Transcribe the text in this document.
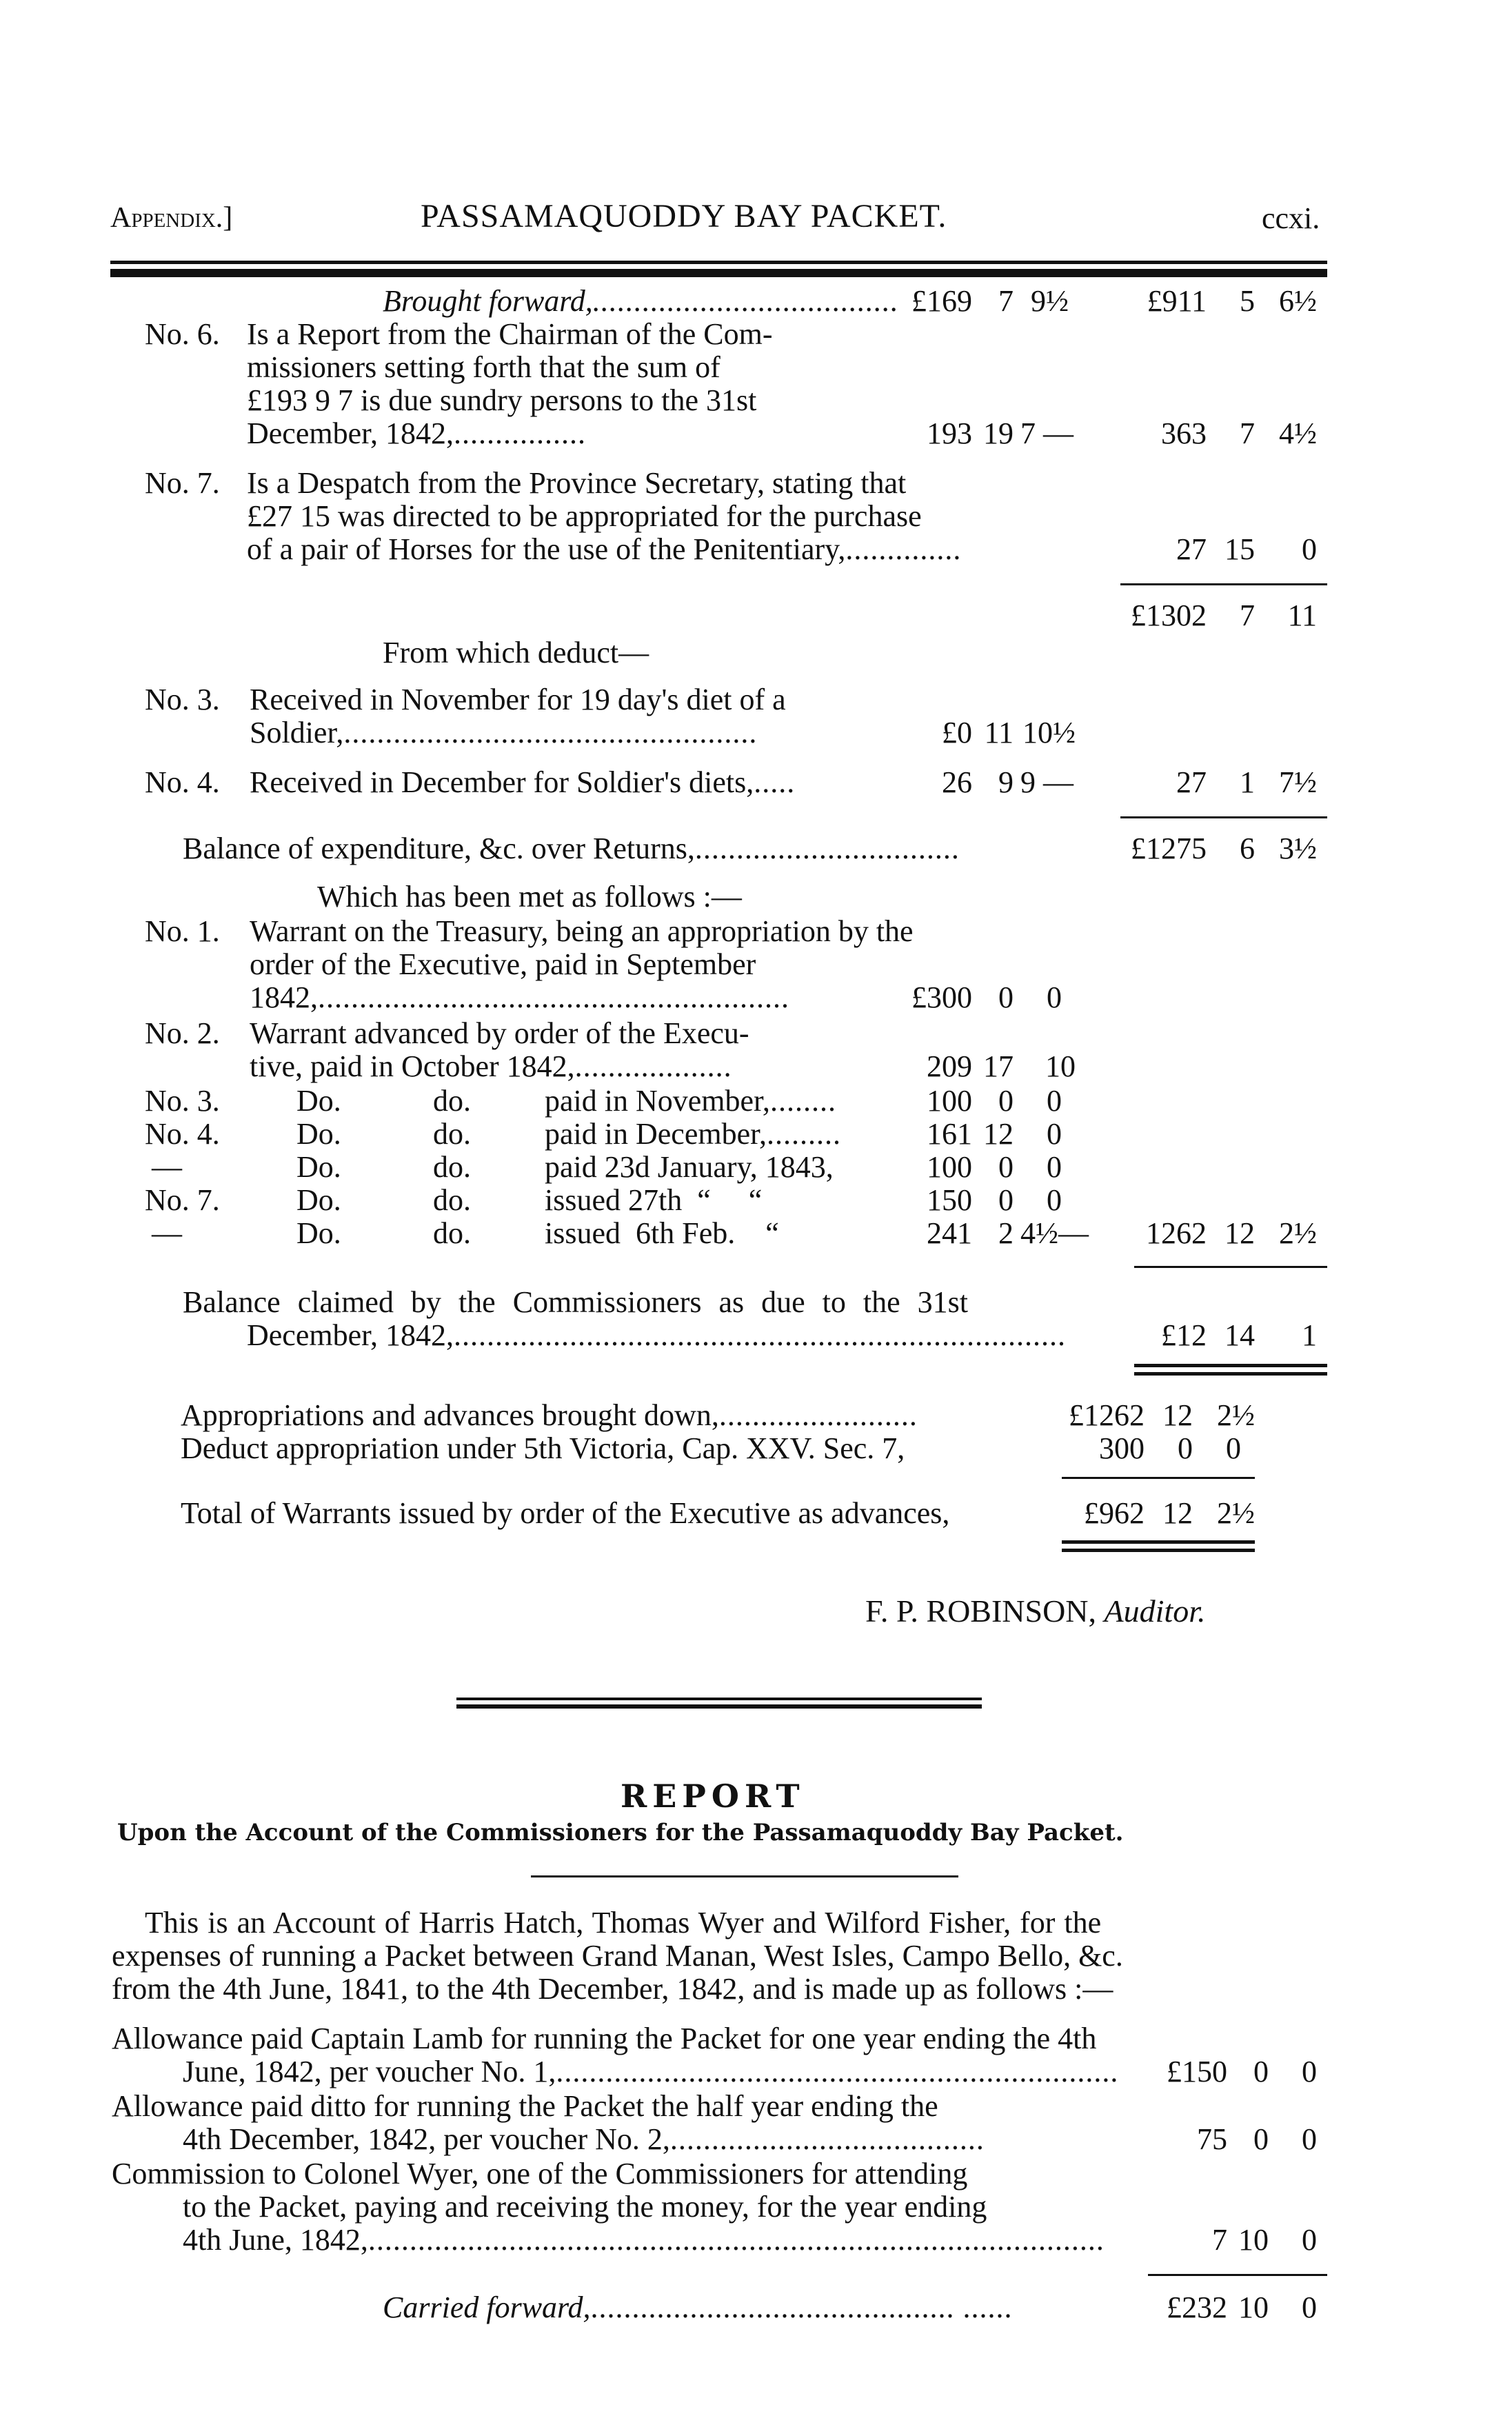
Appendix.]	PASSAMAQUODDY BAY PACKET.	ccxi.
Brought forward,..................................... £169 7 9½	£911	5 6½
No. 6. Is a Report from the Chairman of the Com-
missioners setting forth that the sum of
£193 9 7 is due sundry persons to the 31st
December, 1842,................	193 19 7 —	363	7 4½
No. 7. Is a Despatch from the Province Secretary, stating that
£27 15 was directed to be appropriated for the purchase
of a pair of Horses for the use of the Penitentiary,..............	27 15	0
£1302	7	11
From which deduct—
No. 3. Received in November for 19 day's diet of a
Soldier,..................................................	£0 11 10½
No. 4. Received in December for Soldier's diets,.....	26 9 9 —	27	1 7½
Balance of expenditure, &c. over Returns,................................	£1275	6 3½
Which has been met as follows :—
No. 1. Warrant on the Treasury, being an appropriation by the
order of the Executive, paid in September
1842,.........................................................	£300 0	0
No. 2. Warrant advanced by order of the Execu-
tive, paid in October 1842,...................	209 17	10
No. 3.	Do.	do. paid in November,........	100 0	0
No. 4.	Do.	do. paid in December,.........	161 12	0
—	Do.	do. paid 23d January, 1843,	100 0	0
No. 7.	Do.	do. issued 27th  “     “	150 0	0
—	Do.	do. issued  6th Feb.    “	241 2 4½—	1262 12 2½
Balance claimed by the Commissioners as due to the 31st
December, 1842,..........................................................................	£12 14	1
Appropriations and advances brought down,........................	£1262 12 2½
Deduct appropriation under 5th Victoria, Cap. XXV. Sec. 7,	300	0	0
Total of Warrants issued by order of the Executive as advances,	£962 12 2½
F. P. ROBINSON, Auditor.
REPORT
Upon the Account of the Commissioners for the Passamaquoddy Bay Packet.
This is an Account of Harris Hatch, Thomas Wyer and Wilford Fisher, for the
expenses of running a Packet between Grand Manan, West Isles, Campo Bello, &c.
from the 4th June, 1841, to the 4th December, 1842, and is made up as follows :—
Allowance paid Captain Lamb for running the Packet for one year ending the 4th
June, 1842, per voucher No. 1,....................................................................	£150 0	0
Allowance paid ditto for running the Packet the half year ending the
4th December, 1842, per voucher No. 2,......................................	75 0	0
Commission to Colonel Wyer, one of the Commissioners for attending
to the Packet, paying and receiving the money, for the year ending
4th June, 1842,.........................................................................................	7 10	0
Carried forward,............................................ ......	£232 10	0
